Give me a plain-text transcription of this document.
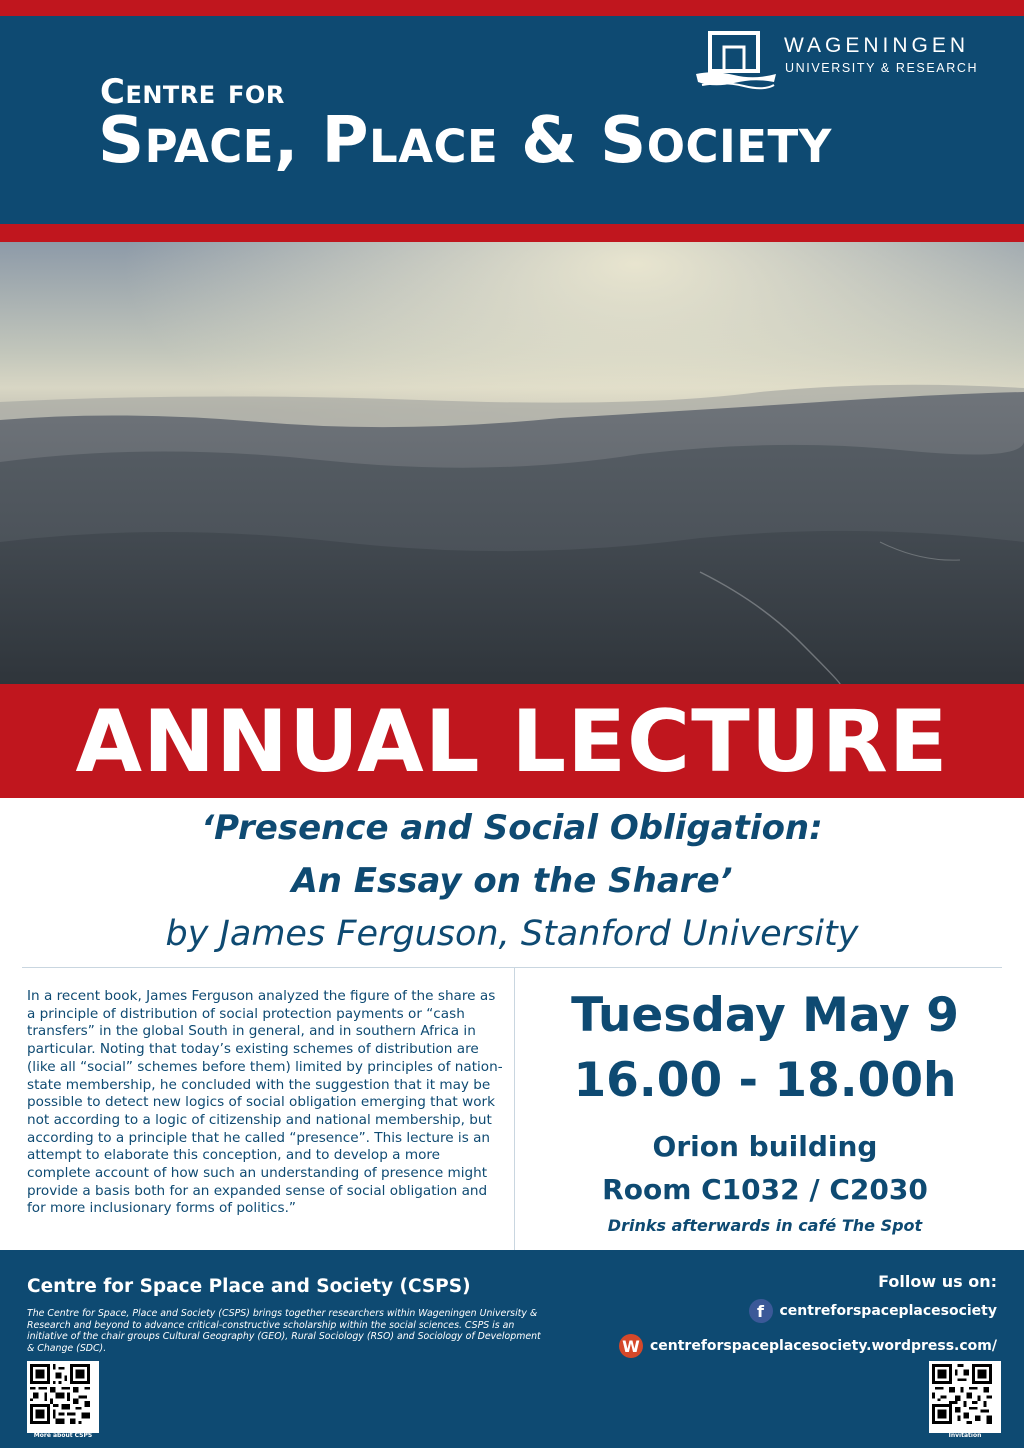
Centre for
Space, Place & Society
WAGENINGEN
UNIVERSITY & RESEARCH
ANNUAL LECTURE
‘Presence and Social Obligation:
An Essay on the Share’
by James Ferguson, Stanford University
In a recent book, James Ferguson analyzed the figure of the share as a principle of distribution of social protection payments or “cash transfers” in the global South in general, and in southern Africa in particular. Noting that today’s existing schemes of distribution are (like all “social” schemes before them) limited by principles of nation-state membership, he concluded with the suggestion that it may be possible to detect new logics of social obligation emerging that work not according to a logic of citizenship and national membership, but according to a principle that he called “presence”. This lecture is an attempt to elaborate this conception, and to develop a more complete account of how such an understanding of presence might provide a basis both for an expanded sense of social obligation and for more inclusionary forms of politics.”
Tuesday May 9
16.00 - 18.00h
Orion building
Room C1032 / C2030
Drinks afterwards in café The Spot
Centre for Space Place and Society (CSPS)
The Centre for Space, Place and Society (CSPS) brings together researchers within Wageningen University & Research and beyond to advance critical-constructive scholarship within the social sciences. CSPS is an initiative of the chair groups Cultural Geography (GEO), Rural Sociology (RSO) and Sociology of Development & Change (SDC).
Follow us on:
f	centreforspaceplacesociety
W centreforspaceplacesociety.wordpress.com/
More about CSPS	Invitation
